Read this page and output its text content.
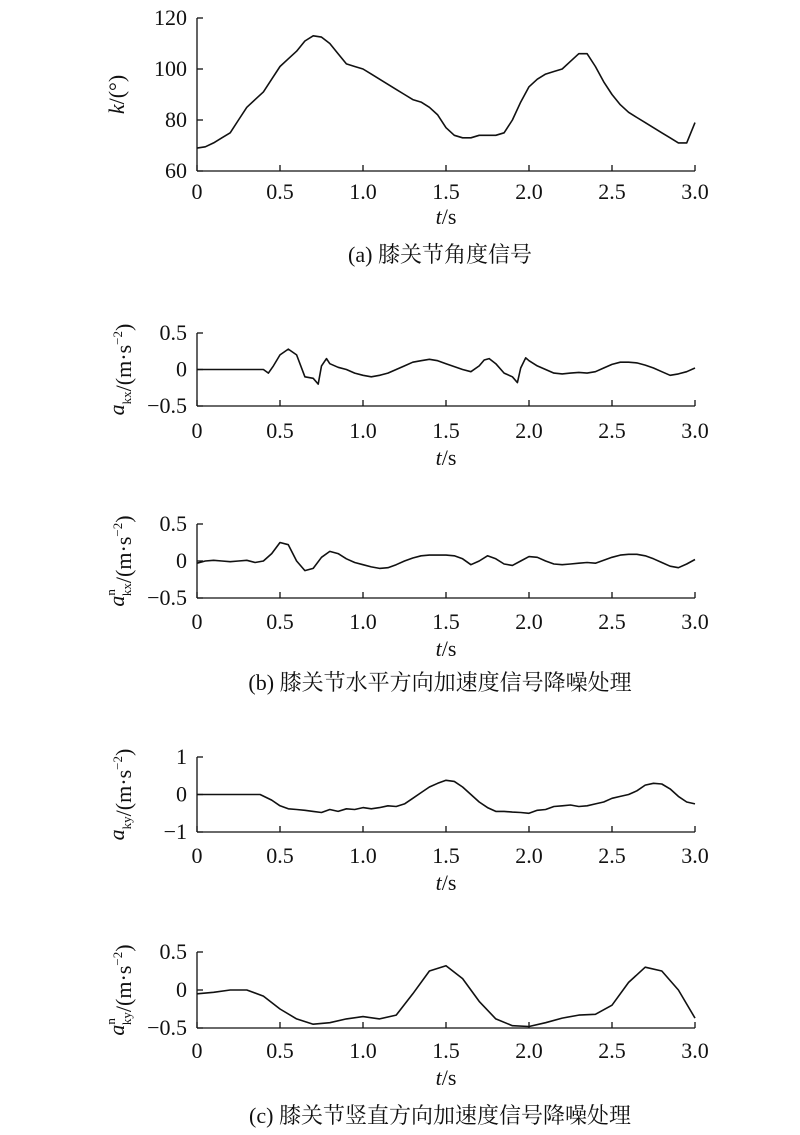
0	0.5	1.0	1.5	2.0	2.5	3.0
60
80
100
120
t/s
k/(°)
(a) 膝关节角度信号
0	0.5	1.0	1.5	2.0	2.5	3.0
−0.5
0
0.5
t/s
$a_{kx}/(m\cdot s^{-2})$
0	0.5	1.0	1.5	2.0	2.5	3.0
−0.5
0
0.5
t/s
$a^nkx/(m\cdot s^{-2})$
(b) 膝关节水平方向加速度信号降噪处理
0	0.5	1.0	1.5	2.0	2.5	3.0
−1
0
1
t/s
$a_{ky}/(m\cdot s^{-2})$
0	0.5	1.0	1.5	2.0	2.5	3.0
−0.5
0
0.5
t/s
$a^nky/(m\cdot s^{-2})$
(c) 膝关节竖直方向加速度信号降噪处理
